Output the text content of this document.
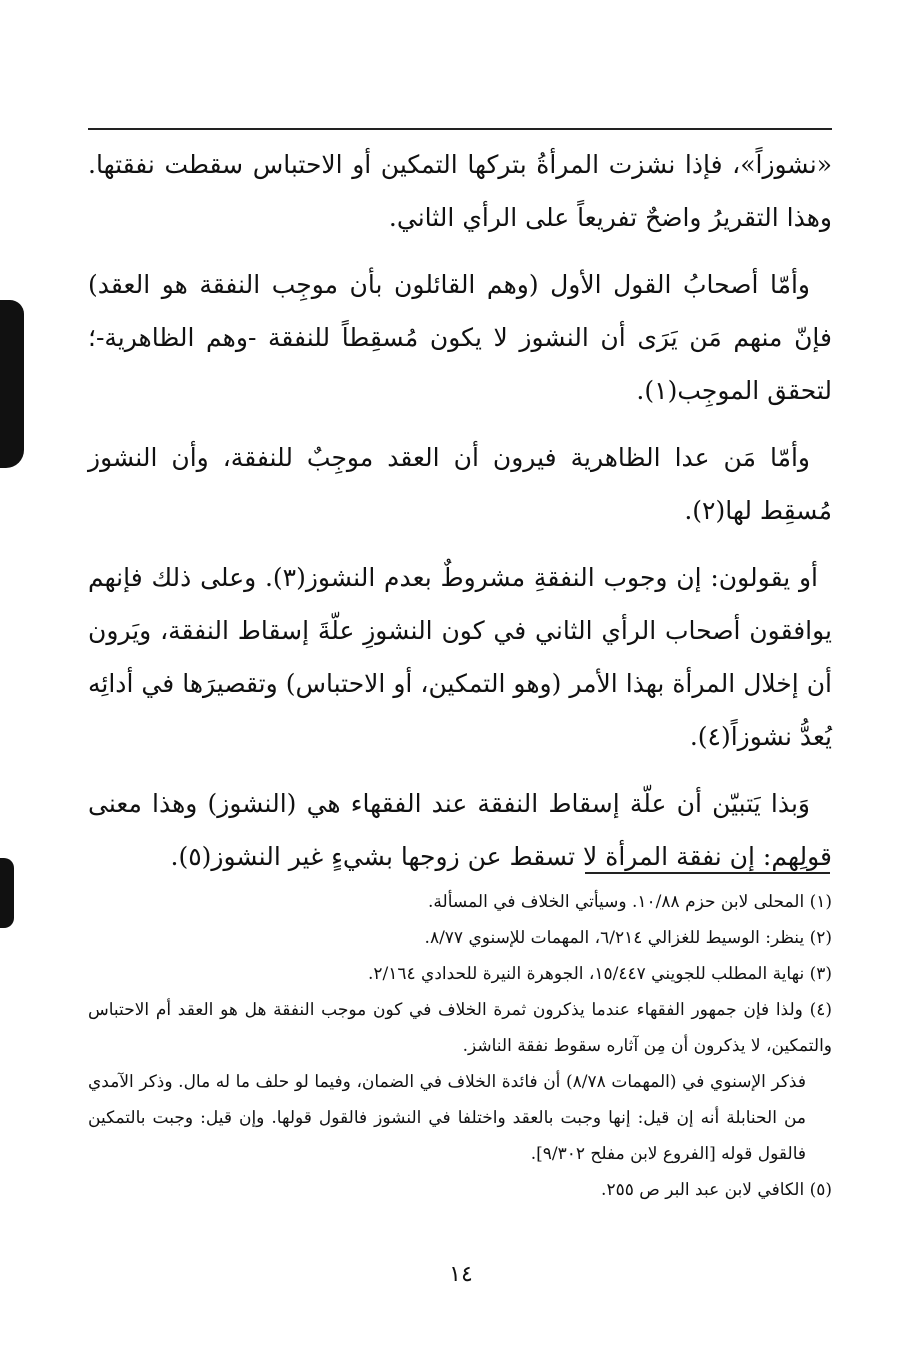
«نشوزاً»، فإذا نشزت المرأةُ بتركها التمكين أو الاحتباس سقطت نفقتها. وهذا التقريرُ واضحٌ تفريعاً على الرأي الثاني.

وأمّا أصحابُ القول الأول (وهم القائلون بأن موجِب النفقة هو العقد) فإنّ منهم مَن يَرَى أن النشوز لا يكون مُسقِطاً للنفقة -وهم الظاهرية-؛ لتحقق الموجِب(١).

وأمّا مَن عدا الظاهرية فيرون أن العقد موجِبٌ للنفقة، وأن النشوز مُسقِط لها(٢).

أو يقولون: إن وجوب النفقةِ مشروطٌ بعدم النشوز(٣). وعلى ذلك فإنهم يوافقون أصحاب الرأي الثاني في كون النشوزِ علّةَ إسقاط النفقة، ويَرون أن إخلال المرأة بهذا الأمر (وهو التمكين، أو الاحتباس) وتقصيرَها في أدائِه يُعدُّ نشوزاً(٤).

وَبذا يَتبيّن أن علّة إسقاط النفقة عند الفقهاء هي (النشوز) وهذا معنى قولِهم: إن نفقة المرأة لا تسقط عن زوجها بشيءٍ غير النشوز(٥).

(١) المحلى لابن حزم ١٠/٨٨. وسيأتي الخلاف في المسألة.

(٢) ينظر: الوسيط للغزالي ٦/٢١٤، المهمات للإسنوي ٨/٧٧.

(٣) نهاية المطلب للجويني ١٥/٤٤٧، الجوهرة النيرة للحدادي ٢/١٦٤.

(٤) ولذا فإن جمهور الفقهاء عندما يذكرون ثمرة الخلاف في كون موجب النفقة هل هو العقد أم الاحتباس والتمكين، لا يذكرون أن مِن آثاره سقوط نفقة الناشز.

فذكر الإسنوي في (المهمات ٨/٧٨) أن فائدة الخلاف في الضمان، وفيما لو حلف ما له مال. وذكر الآمدي من الحنابلة أنه إن قيل: إنها وجبت بالعقد واختلفا في النشوز فالقول قولها. وإن قيل: وجبت بالتمكين فالقول قوله [الفروع لابن مفلح ٩/٣٠٢].

(٥) الكافي لابن عبد البر ص ٢٥٥.

١٤
